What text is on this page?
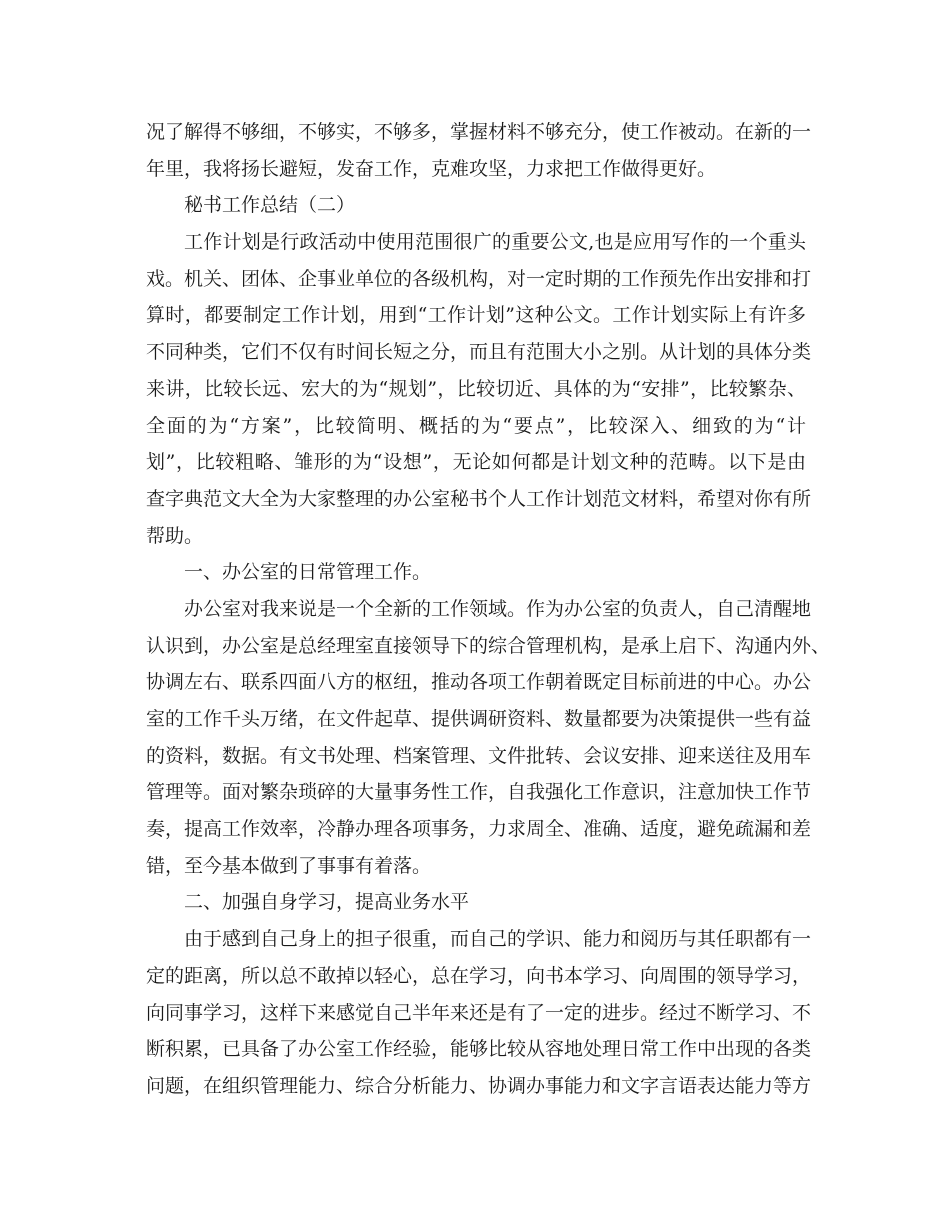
况了解得不够细，不够实，不够多，掌握材料不够充分，使工作被动。在新的一
年里，我将扬长避短，发奋工作，克难攻坚，力求把工作做得更好。
秘书工作总结（二）
工作计划是行政活动中使用范围很广的重要公文,也是应用写作的一个重头
戏。机关、团体、企事业单位的各级机构，对一定时期的工作预先作出安排和打
算时，都要制定工作计划，用到“工作计划”这种公文。工作计划实际上有许多
不同种类，它们不仅有时间长短之分，而且有范围大小之别。从计划的具体分类
来讲，比较长远、宏大的为“规划”，比较切近、具体的为“安排”，比较繁杂、
全面的为“方案”，比较简明、概括的为“要点”，比较深入、细致的为“计
划”，比较粗略、雏形的为“设想”，无论如何都是计划文种的范畴。以下是由
查字典范文大全为大家整理的办公室秘书个人工作计划范文材料，希望对你有所
帮助。
一、办公室的日常管理工作。
办公室对我来说是一个全新的工作领域。作为办公室的负责人，自己清醒地
认识到，办公室是总经理室直接领导下的综合管理机构，是承上启下、沟通内外、
协调左右、联系四面八方的枢纽，推动各项工作朝着既定目标前进的中心。办公
室的工作千头万绪，在文件起草、提供调研资料、数量都要为决策提供一些有益
的资料，数据。有文书处理、档案管理、文件批转、会议安排、迎来送往及用车
管理等。面对繁杂琐碎的大量事务性工作，自我强化工作意识，注意加快工作节
奏，提高工作效率，冷静办理各项事务，力求周全、准确、适度，避免疏漏和差
错，至今基本做到了事事有着落。
二、加强自身学习，提高业务水平
由于感到自己身上的担子很重，而自己的学识、能力和阅历与其任职都有一
定的距离，所以总不敢掉以轻心，总在学习，向书本学习、向周围的领导学习，
向同事学习，这样下来感觉自己半年来还是有了一定的进步。经过不断学习、不
断积累，已具备了办公室工作经验，能够比较从容地处理日常工作中出现的各类
问题，在组织管理能力、综合分析能力、协调办事能力和文字言语表达能力等方
